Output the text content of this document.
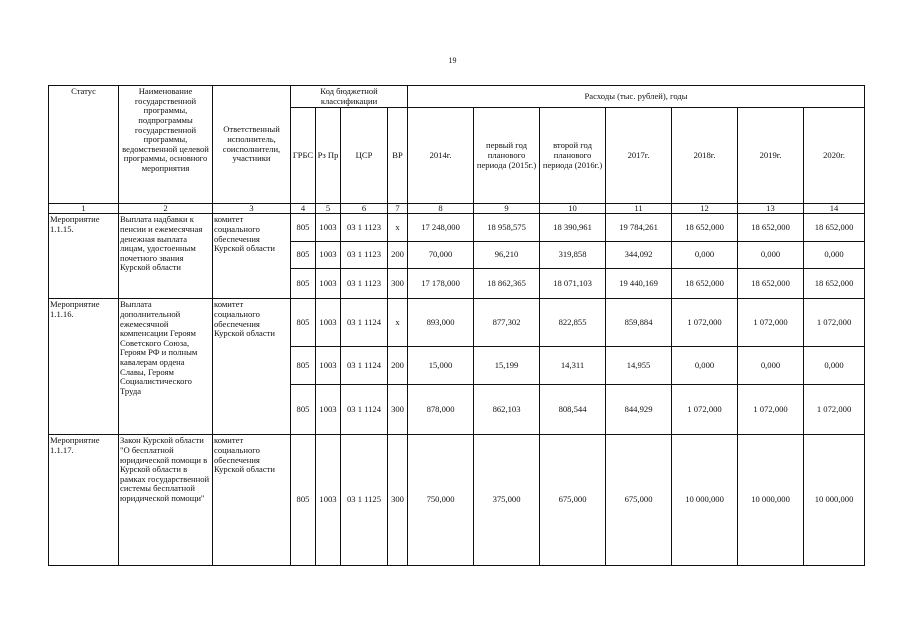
19
Статус	Наименование государственной программы, подпрограммы государственной программы, ведомственной целевой программы, основного мероприятия	Ответственный исполнитель, соисполнители, участники	Код бюджетной классификации				Расходы (тыс. рублей), годы						
			ГРБС	Рз Пр	ЦСР	ВР	2014г.	первый год планового периода (2015г.)	второй год планового периода (2016г.)	2017г.	2018г.	2019г.	2020г.
1	2	3	4	5	6	7	8	9	10	11	12	13	14
Мероприятие 1.1.15.	Выплата надбавки к пенсии и ежемесячная денежная выплата лицам, удостоенным почетного звания Курской области	комитет социального обеспечения Курской области	805	1003	03 1 1123	х	17 248,000	18 958,575	18 390,961	19 784,261	18 652,000	18 652,000	18 652,000
			805	1003	03 1 1123	200	70,000	96,210	319,858	344,092	0,000	0,000	0,000
			805	1003	03 1 1123	300	17 178,000	18 862,365	18 071,103	19 440,169	18 652,000	18 652,000	18 652,000
Мероприятие 1.1.16.	Выплата дополнительной ежемесячной компенсации Героям Советского Союза, Героям РФ и полным кавалерам ордена Славы, Героям Социалистического Труда	комитет социального обеспечения Курской области	805	1003	03 1 1124	х	893,000	877,302	822,855	859,884	1 072,000	1 072,000	1 072,000
			805	1003	03 1 1124	200	15,000	15,199	14,311	14,955	0,000	0,000	0,000
			805	1003	03 1 1124	300	878,000	862,103	808,544	844,929	1 072,000	1 072,000	1 072,000
Мероприятие 1.1.17.	Закон Курской области "О бесплатной юридической помощи в Курской области в рамках государственной системы бесплатной юридической помощи"	комитет социального обеспечения Курской области	805	1003	03 1 1125	300	750,000	375,000	675,000	675,000	10 000,000	10 000,000	10 000,000
